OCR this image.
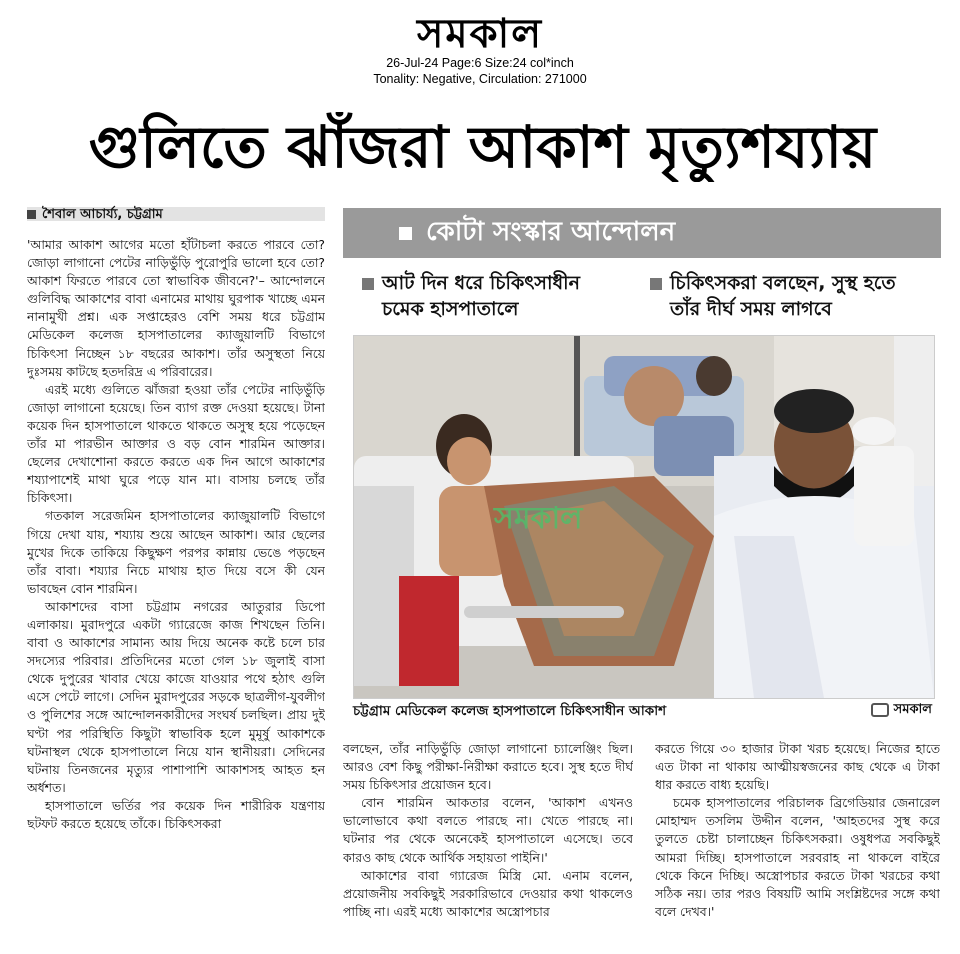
সমকাল
26-Jul-24 Page:6 Size:24 col*inch
Tonality: Negative, Circulation: 271000
গুলিতে ঝাঁজরা আকাশ মৃত্যুশয্যায়
শৈবাল আচার্য্য, চট্টগ্রাম

'আমার আকাশ আগের মতো হাঁটাচলা করতে পারবে তো? জোড়া লাগানো পেটের নাড়িভুঁড়ি পুরোপুরি ভালো হবে তো? আকাশ ফিরতে পারবে তো স্বাভাবিক জীবনে?'– আন্দোলনে গুলিবিদ্ধ আকাশের বাবা এনামের মাথায় ঘুরপাক খাচ্ছে এমন নানামুখী প্রশ্ন। এক সপ্তাহেরও বেশি সময় ধরে চট্টগ্রাম মেডিকেল কলেজ হাসপাতালের ক্যাজুয়ালটি বিভাগে চিকিৎসা নিচ্ছেন ১৮ বছরের আকাশ। তাঁর অসুস্থতা নিয়ে দুঃসময় কাটছে হতদরিদ্র এ পরিবারের।

এরই মধ্যে গুলিতে ঝাঁজরা হওয়া তাঁর পেটের নাড়িভুঁড়ি জোড়া লাগানো হয়েছে। তিন ব্যাগ রক্ত দেওয়া হয়েছে। টানা কয়েক দিন হাসপাতালে থাকতে থাকতে অসুস্থ হয়ে পড়েছেন তাঁর মা পারভীন আক্তার ও বড় বোন শারমিন আক্তার। ছেলের দেখাশোনা করতে করতে এক দিন আগে আকাশের শয্যাপাশেই মাথা ঘুরে পড়ে যান মা। বাসায় চলছে তাঁর চিকিৎসা।

গতকাল সরেজমিন হাসপাতালের ক্যাজুয়ালটি বিভাগে গিয়ে দেখা যায়, শয্যায় শুয়ে আছেন আকাশ। আর ছেলের মুখের দিকে তাকিয়ে কিছুক্ষণ পরপর কান্নায় ভেঙে পড়ছেন তাঁর বাবা। শয্যার নিচে মাথায় হাত দিয়ে বসে কী যেন ভাবছেন বোন শারমিন।

আকাশদের বাসা চট্টগ্রাম নগরের আতুরার ডিপো এলাকায়। মুরাদপুরে একটা গ্যারেজে কাজ শিখছেন তিনি। বাবা ও আকাশের সামান্য আয় দিয়ে অনেক কষ্টে চলে চার সদস্যের পরিবার। প্রতিদিনের মতো গেল ১৮ জুলাই বাসা থেকে দুপুরের খাবার খেয়ে কাজে যাওয়ার পথে হঠাৎ গুলি এসে পেটে লাগে। সেদিন মুরাদপুরের সড়কে ছাত্রলীগ-যুবলীগ ও পুলিশের সঙ্গে আন্দোলনকারীদের সংঘর্ষ চলছিল। প্রায় দুই ঘণ্টা পর পরিস্থিতি কিছুটা স্বাভাবিক হলে মুমূর্ষু আকাশকে ঘটনাস্থল থেকে হাসপাতালে নিয়ে যান স্থানীয়রা। সেদিনের ঘটনায় তিনজনের মৃত্যুর পাশাপাশি আকাশসহ আহত হন অর্ধশত।

হাসপাতালে ভর্তির পর কয়েক দিন শারীরিক যন্ত্রণায় ছটফট করতে হয়েছে তাঁকে। চিকিৎসকরা

কোটা সংস্কার আন্দোলন
আট দিন ধরে চিকিৎসাধীন
চমেক হাসপাতালে
চিকিৎসকরা বলছেন, সুস্থ হতে
তাঁর দীর্ঘ সময় লাগবে
সমকাল
চট্টগ্রাম মেডিকেল কলেজ হাসপাতালে চিকিৎসাধীন আকাশ	সমকাল

বলছেন, তাঁর নাড়িভুঁড়ি জোড়া লাগানো চ্যালেঞ্জিং ছিল। আরও বেশ কিছু পরীক্ষা-নিরীক্ষা করাতে হবে। সুস্থ হতে দীর্ঘ সময় চিকিৎসার প্রয়োজন হবে।

বোন শারমিন আকতার বলেন, 'আকাশ এখনও ভালোভাবে কথা বলতে পারছে না। খেতে পারছে না। ঘটনার পর থেকে অনেকেই হাসপাতালে এসেছে। তবে কারও কাছ থেকে আর্থিক সহায়তা পাইনি।'

আকাশের বাবা গ্যারেজ মিস্ত্রি মো. এনাম বলেন, প্রয়োজনীয় সবকিছুই সরকারিভাবে দেওয়ার কথা থাকলেও পাচ্ছি না। এরই মধ্যে আকাশের অস্ত্রোপচার

করতে গিয়ে ৩০ হাজার টাকা খরচ হয়েছে। নিজের হাতে এত টাকা না থাকায় আত্মীয়স্বজনের কাছ থেকে এ টাকা ধার করতে বাধ্য হয়েছি।

চমেক হাসপাতালের পরিচালক ব্রিগেডিয়ার জেনারেল মোহাম্মদ তসলিম উদ্দীন বলেন, 'আহতদের সুস্থ করে তুলতে চেষ্টা চালাচ্ছেন চিকিৎসকরা। ওষুধপত্র সবকিছুই আমরা দিচ্ছি। হাসপাতালে সরবরাহ না থাকলে বাইরে থেকে কিনে দিচ্ছি। অস্ত্রোপচার করতে টাকা খরচের কথা সঠিক নয়। তার পরও বিষয়টি আমি সংশ্লিষ্টদের সঙ্গে কথা বলে দেখব।'
